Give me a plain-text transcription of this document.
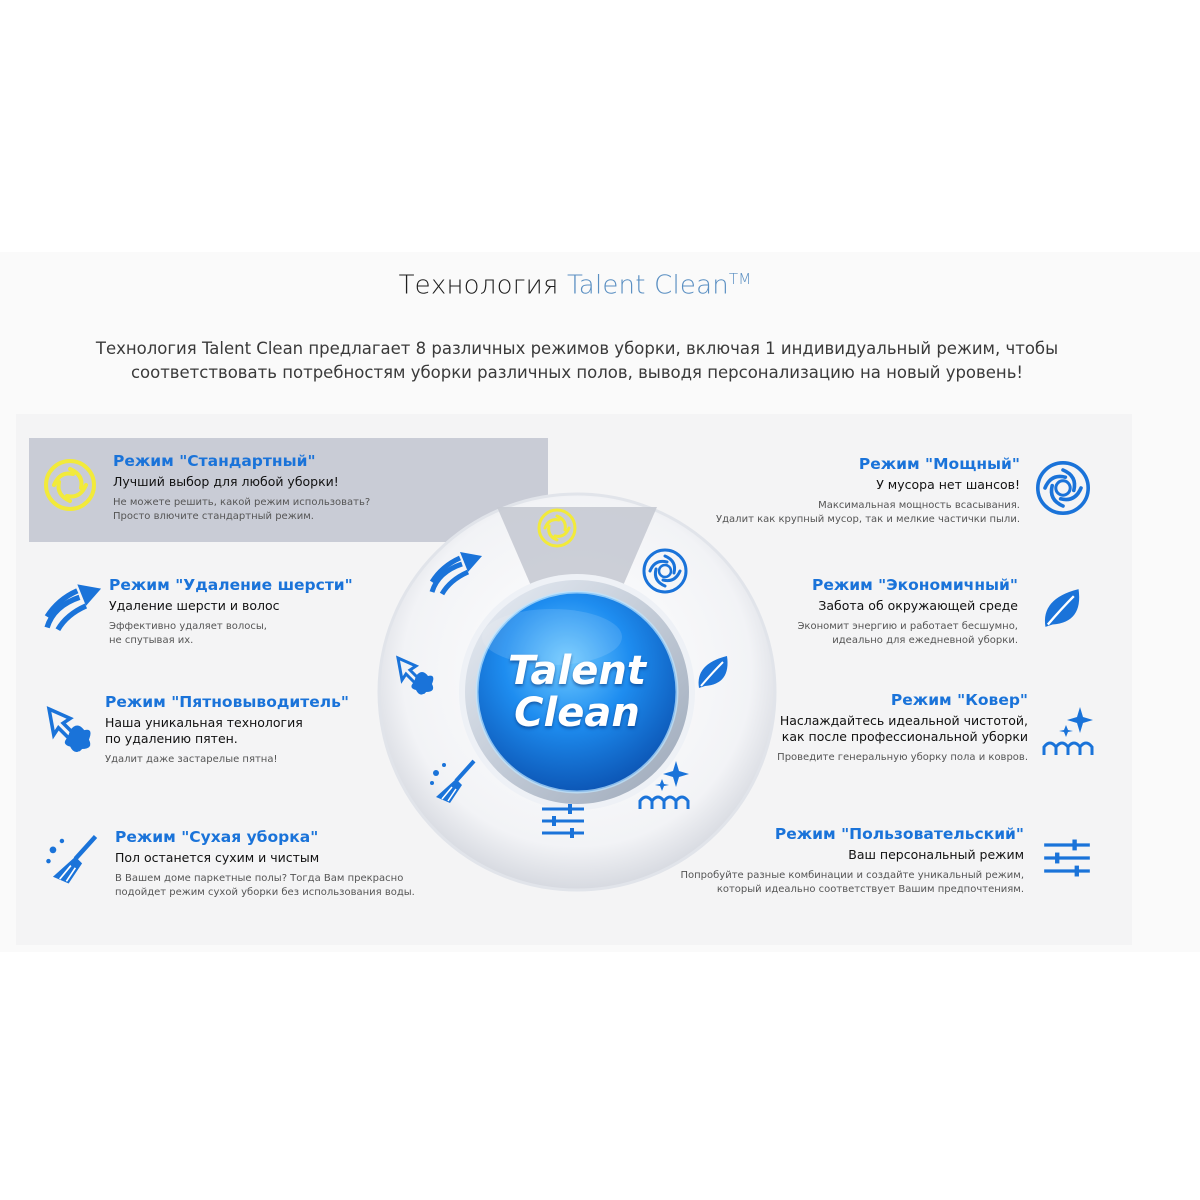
Технология Talent Clean™
Технология Talent Clean предлагает 8 различных режимов уборки, включая 1 индивидуальный режим, чтобы соответствовать потребностям уборки различных полов, выводя персонализацию на новый уровень!
Talent
Clean
Режим "Стандартный"
Лучший выбор для любой уборки!
Не можете решить, какой режим использовать?
Просто влючите стандартный режим.
Режим "Удаление шерсти"
Удаление шерсти и волос
Эффективно удаляет волосы,
не спутывая их.
Режим "Пятновыводитель"
Наша уникальная технология
по удалению пятен.
Удалит даже застарелые пятна!
Режим "Сухая уборка"
Пол останется сухим и чистым
В Вашем доме паркетные полы? Тогда Вам прекрасно
подойдет режим сухой уборки без использования воды.
Режим "Мощный"
У мусора нет шансов!
Максимальная мощность всасывания.
Удалит как крупный мусор, так и мелкие частички пыли.
Режим "Экономичный"
Забота об окружающей среде
Экономит энергию и работает бесшумно,
идеально для ежедневной уборки.
Режим "Ковер"
Наслаждайтесь идеальной чистотой,
как после профессиональной уборки
Проведите генеральную уборку пола и ковров.
Режим "Пользовательский"
Ваш персональный режим
Попробуйте разные комбинации и создайте уникальный режим,
который идеально соответствует Вашим предпочтениям.
